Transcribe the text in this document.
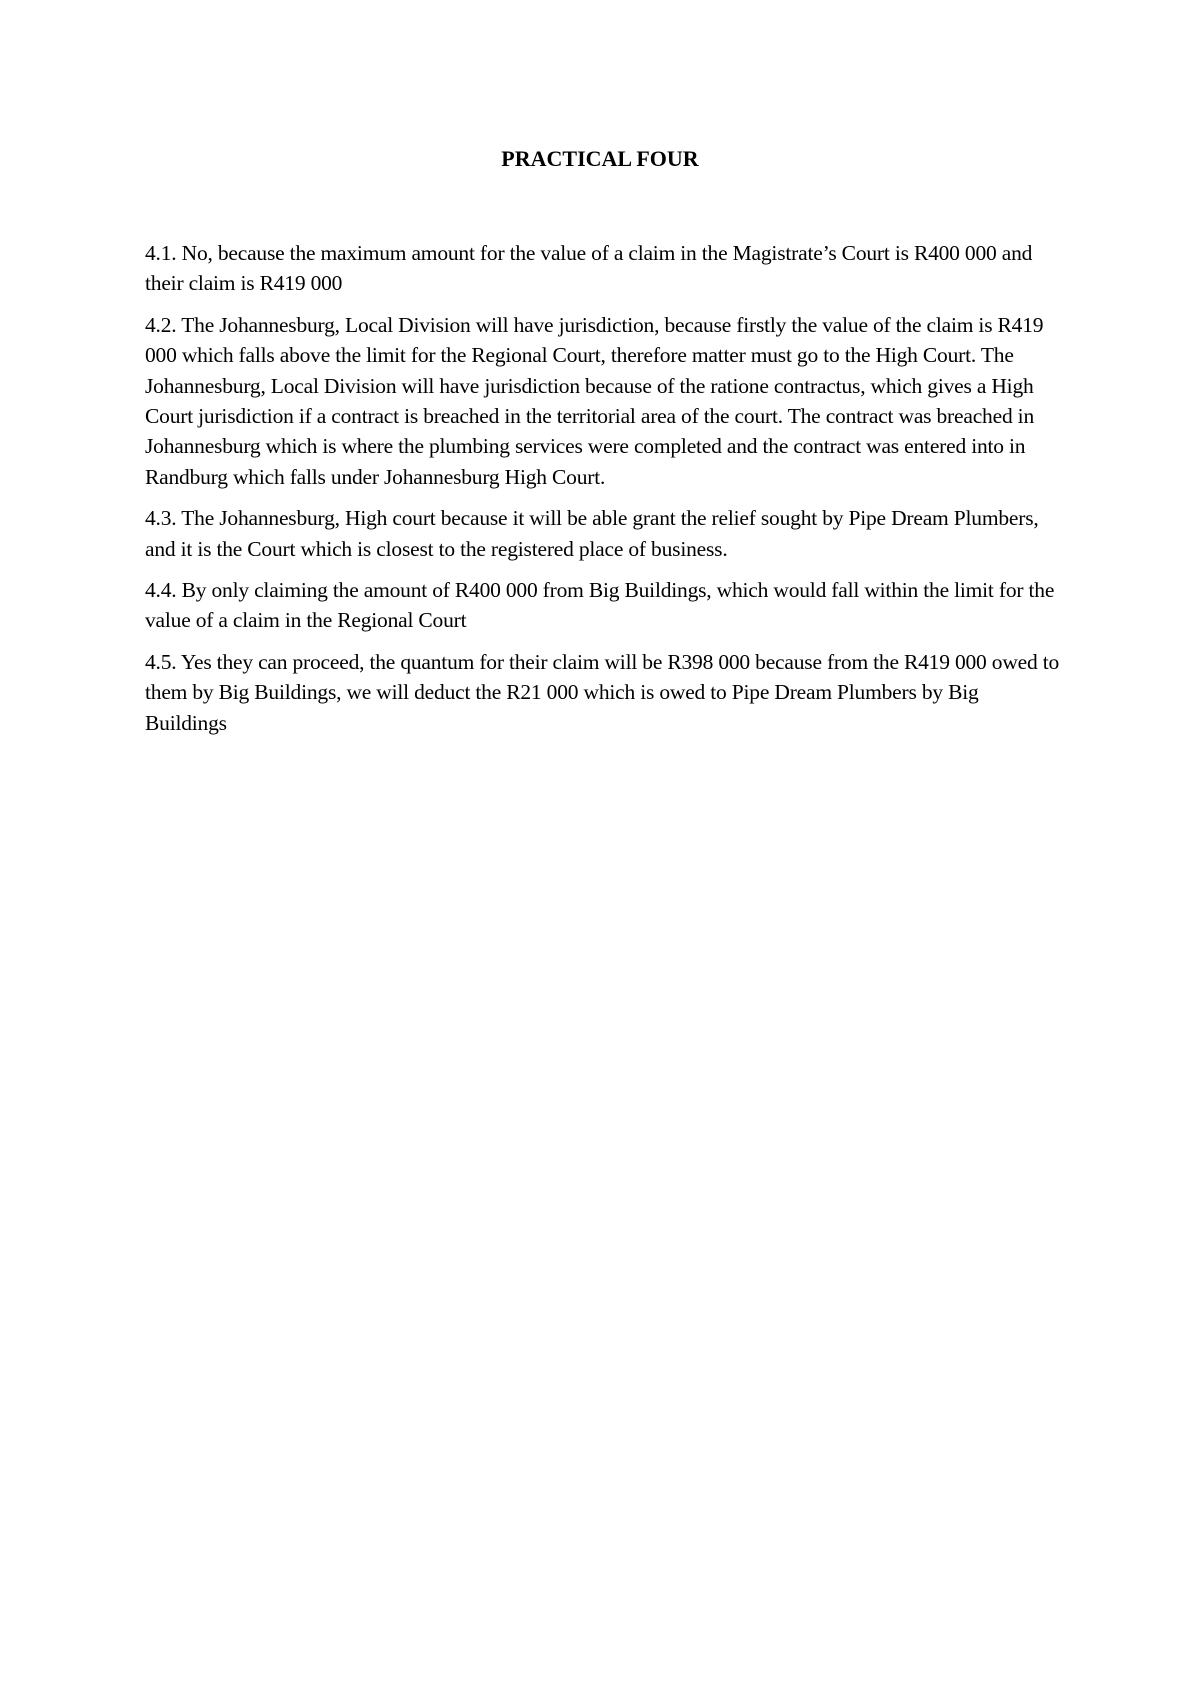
PRACTICAL FOUR

4.1. No, because the maximum amount for the value of a claim in the Magistrate’s Court is R400 000 and their claim is R419 000

4.2. The Johannesburg, Local Division will have jurisdiction, because firstly the value of the claim is R419 000 which falls above the limit for the Regional Court, therefore matter must go to the High Court. The Johannesburg, Local Division will have jurisdiction because of the ratione contractus, which gives a High Court jurisdiction if a contract is breached in the territorial area of the court. The contract was breached in Johannesburg which is where the plumbing services were completed and the contract was entered into in Randburg which falls under Johannesburg High Court.

4.3. The Johannesburg, High court because it will be able grant the relief sought by Pipe Dream Plumbers, and it is the Court which is closest to the registered place of business.

4.4. By only claiming the amount of R400 000 from Big Buildings, which would fall within the limit for the value of a claim in the Regional Court

4.5. Yes they can proceed, the quantum for their claim will be R398 000 because from the R419 000 owed to them by Big Buildings, we will deduct the R21 000 which is owed to Pipe Dream Plumbers by Big Buildings
